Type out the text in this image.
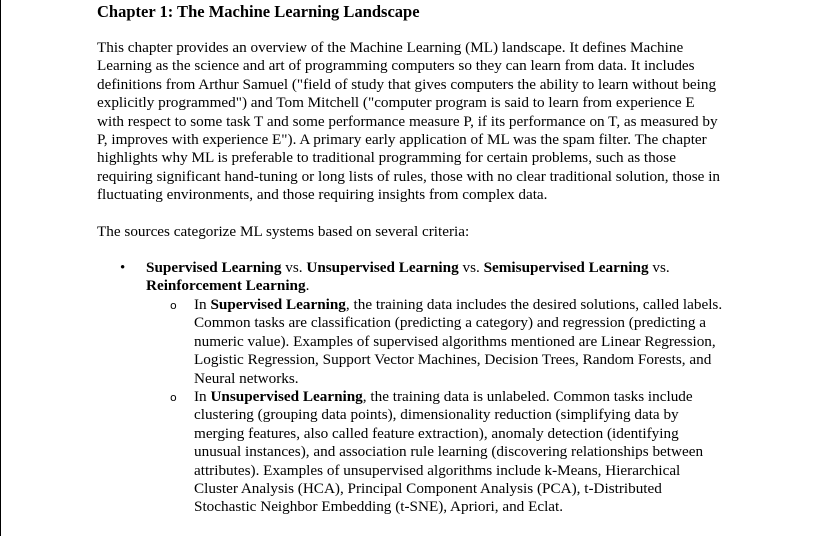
Chapter 1: The Machine Learning Landscape

This chapter provides an overview of the Machine Learning (ML) landscape. It defines Machine Learning as the science and art of programming computers so they can learn from data. It includes definitions from Arthur Samuel ("field of study that gives computers the ability to learn without being explicitly programmed") and Tom Mitchell ("computer program is said to learn from experience E with respect to some task T and some performance measure P, if its performance on T, as measured by P, improves with experience E"). A primary early application of ML was the spam filter. The chapter highlights why ML is preferable to traditional programming for certain problems, such as those requiring significant hand-tuning or long lists of rules, those with no clear traditional solution, those in fluctuating environments, and those requiring insights from complex data.

The sources categorize ML systems based on several criteria:

• Supervised Learning vs. Unsupervised Learning vs. Semisupervised Learning vs. Reinforcement Learning.
o In Supervised Learning, the training data includes the desired solutions, called labels. Common tasks are classification (predicting a category) and regression (predicting a numeric value). Examples of supervised algorithms mentioned are Linear Regression, Logistic Regression, Support Vector Machines, Decision Trees, Random Forests, and Neural networks.
o In Unsupervised Learning, the training data is unlabeled. Common tasks include clustering (grouping data points), dimensionality reduction (simplifying data by merging features, also called feature extraction), anomaly detection (identifying unusual instances), and association rule learning (discovering relationships between attributes). Examples of unsupervised algorithms include k-Means, Hierarchical Cluster Analysis (HCA), Principal Component Analysis (PCA), t-Distributed Stochastic Neighbor Embedding (t-SNE), Apriori, and Eclat.
